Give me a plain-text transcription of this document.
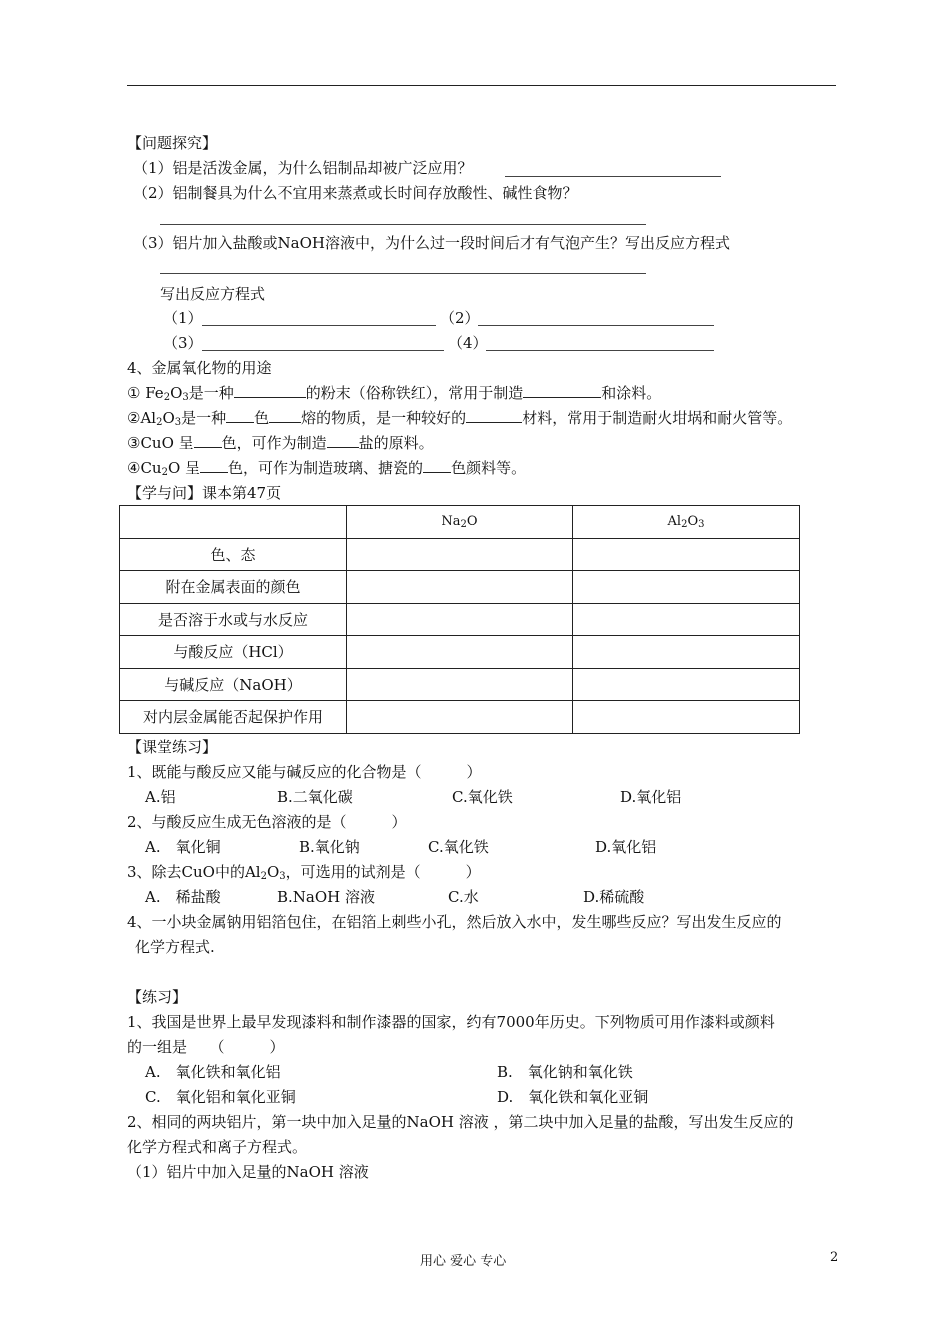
【问题探究】
（1）铝是活泼金属，为什么铝制品却被广泛应用？
（2）铝制餐具为什么不宜用来蒸煮或长时间存放酸性、碱性食物？
（3）铝片加入盐酸或NaOH溶液中，为什么过一段时间后才有气泡产生？写出反应方程式
写出反应方程式
（1）	（2）
（3）	（4）
4、金属氧化物的用途
① $Fe_2O_3$是一种	的粉末（俗称铁红），常用于制造	和涂料。
$②Al_2O_3$是一种 色 熔的物质，是一种较好的	材料，常用于制造耐火坩埚和耐火管等。
③CuO 呈 色，可作为制造 盐的原料。
$④Cu_2O$ 呈 色，可作为制造玻璃、搪瓷的 色颜料等。
【学与问】课本第47页
	$Na_2O$	$Al_2O_3$
色、态		
附在金属表面的颜色		
是否溶于水或与水反应		
与酸反应（HCl）		
与碱反应（NaOH）		
对内层金属能否起保护作用		
【课堂练习】
1、既能与酸反应又能与碱反应的化合物是（　　　）
A.铝	B.二氧化碳	C.氧化铁	D.氧化铝
2、与酸反应生成无色溶液的是（　　　）
A.　氧化铜	B.氧化钠	C.氧化铁	D.氧化铝
3、除去CuO中的$Al_2O_3$，可选用的试剂是（　　　）
A.　稀盐酸	B.NaOH 溶液	C.水	D.稀硫酸
4、一小块金属钠用铝箔包住，在铝箔上刺些小孔，然后放入水中，发生哪些反应？写出发生反应的
化学方程式.
【练习】
1、我国是世界上最早发现漆料和制作漆器的国家，约有7000年历史。下列物质可用作漆料或颜料
的一组是　　（　　　）
A.　氧化铁和氧化铝	B.　氧化钠和氧化铁
C.　氧化铝和氧化亚铜	D.　氧化铁和氧化亚铜
2、相同的两块铝片，第一块中加入足量的NaOH 溶液 ，第二块中加入足量的盐酸，写出发生反应的
化学方程式和离子方程式。
（1）铝片中加入足量的NaOH 溶液
用心 爱心 专心	2
